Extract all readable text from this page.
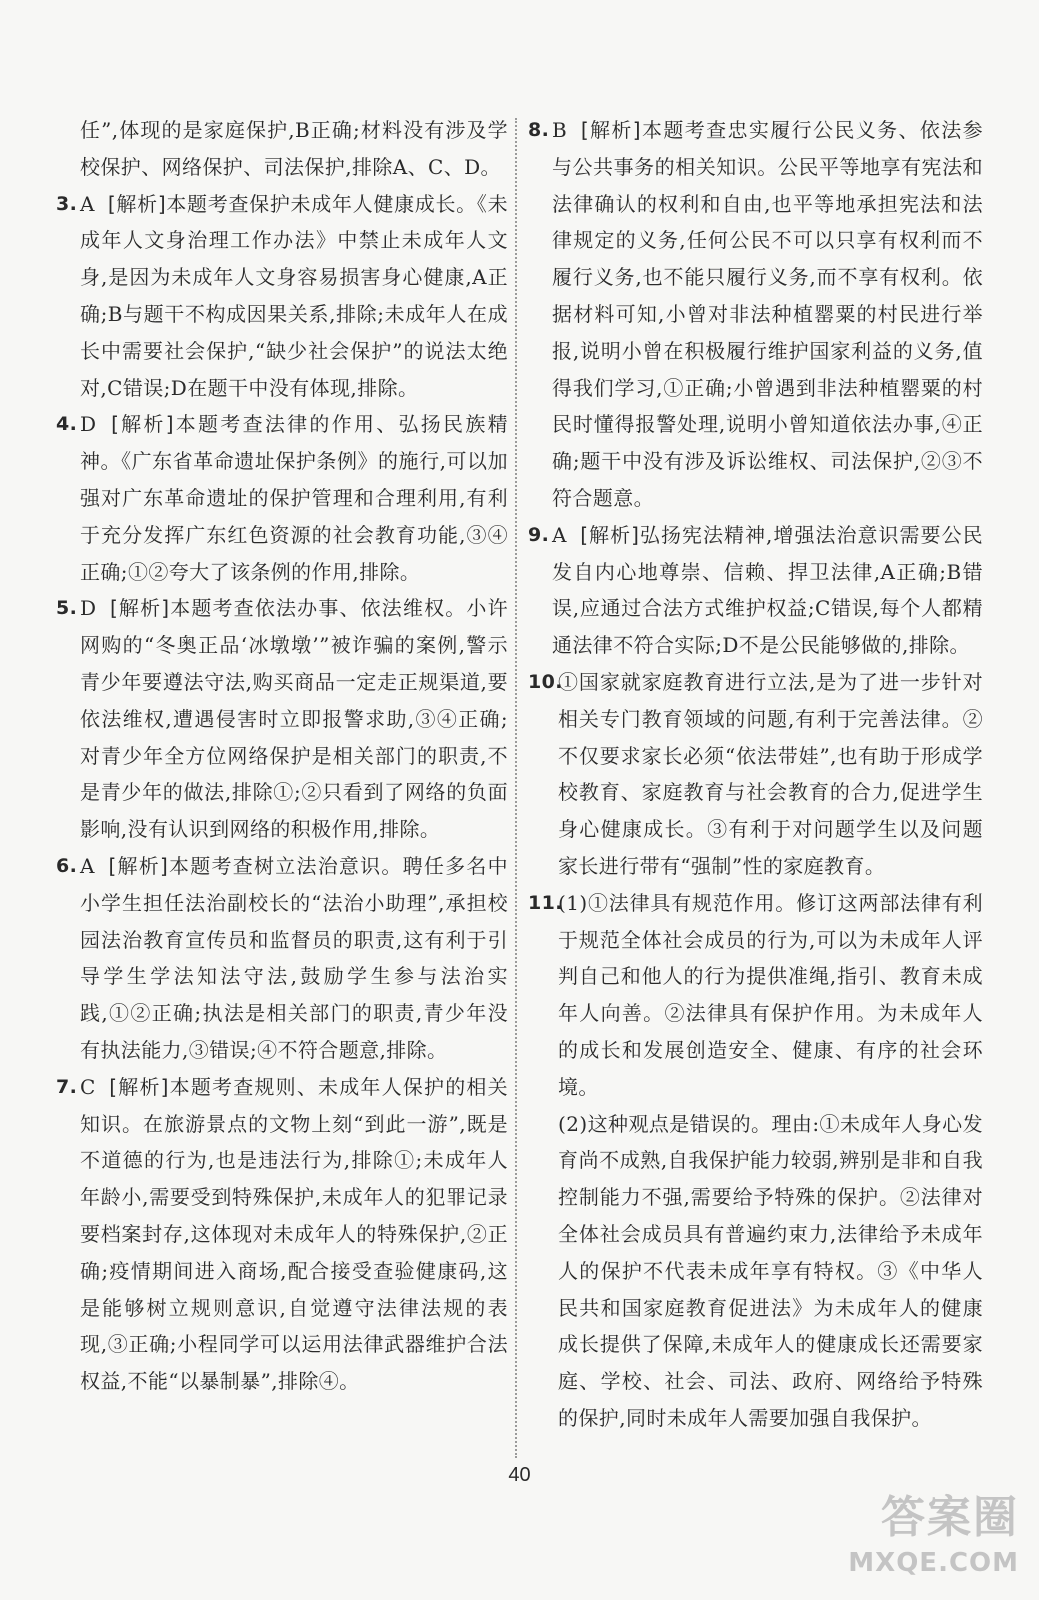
任”,体现的是家庭保护,B正确;材料没有涉及学校保护、网络保护、司法保护,排除A、C、D。
3. A [解析]本题考查保护未成年人健康成长。《未成年人文身治理工作办法》中禁止未成年人文身,是因为未成年人文身容易损害身心健康,A正确;B与题干不构成因果关系,排除;未成年人在成长中需要社会保护,“缺少社会保护”的说法太绝对,C错误;D在题干中没有体现,排除。
4. D [解析]本题考查法律的作用、弘扬民族精神。《广东省革命遗址保护条例》的施行,可以加强对广东革命遗址的保护管理和合理利用,有利于充分发挥广东红色资源的社会教育功能,③④正确;①②夸大了该条例的作用,排除。
5. D [解析]本题考查依法办事、依法维权。小许网购的“冬奥正品‘冰墩墩’”被诈骗的案例,警示青少年要遵法守法,购买商品一定走正规渠道,要依法维权,遭遇侵害时立即报警求助,③④正确;对青少年全方位网络保护是相关部门的职责,不是青少年的做法,排除①;②只看到了网络的负面影响,没有认识到网络的积极作用,排除。
6. A [解析]本题考查树立法治意识。聘任多名中小学生担任法治副校长的“法治小助理”,承担校园法治教育宣传员和监督员的职责,这有利于引导学生学法知法守法,鼓励学生参与法治实践,①②正确;执法是相关部门的职责,青少年没有执法能力,③错误;④不符合题意,排除。
7. C [解析]本题考查规则、未成年人保护的相关知识。在旅游景点的文物上刻“到此一游”,既是不道德的行为,也是违法行为,排除①;未成年人年龄小,需要受到特殊保护,未成年人的犯罪记录要档案封存,这体现对未成年人的特殊保护,②正确;疫情期间进入商场,配合接受查验健康码,这是能够树立规则意识,自觉遵守法律法规的表现,③正确;小程同学可以运用法律武器维护合法权益,不能“以暴制暴”,排除④。
8. B [解析]本题考查忠实履行公民义务、依法参与公共事务的相关知识。公民平等地享有宪法和法律确认的权利和自由,也平等地承担宪法和法律规定的义务,任何公民不可以只享有权利而不履行义务,也不能只履行义务,而不享有权利。依据材料可知,小曾对非法种植罂粟的村民进行举报,说明小曾在积极履行维护国家利益的义务,值得我们学习,①正确;小曾遇到非法种植罂粟的村民时懂得报警处理,说明小曾知道依法办事,④正确;题干中没有涉及诉讼维权、司法保护,②③不符合题意。
9. A [解析]弘扬宪法精神,增强法治意识需要公民发自内心地尊崇、信赖、捍卫法律,A正确;B错误,应通过合法方式维护权益;C错误,每个人都精通法律不符合实际;D不是公民能够做的,排除。
10.
①国家就家庭教育进行立法,是为了进一步针对相关专门教育领域的问题,有利于完善法律。②不仅要求家长必须“依法带娃”,也有助于形成学校教育、家庭教育与社会教育的合力,促进学生身心健康成长。③有利于对问题学生以及问题家长进行带有“强制”性的家庭教育。
11.
(1)①法律具有规范作用。修订这两部法律有利于规范全体社会成员的行为,可以为未成年人评判自己和他人的行为提供准绳,指引、教育未成年人向善。②法律具有保护作用。为未成年人的成长和发展创造安全、健康、有序的社会环境。
(2)这种观点是错误的。理由:①未成年人身心发育尚不成熟,自我保护能力较弱,辨别是非和自我控制能力不强,需要给予特殊的保护。②法律对全体社会成员具有普遍约束力,法律给予未成年人的保护不代表未成年享有特权。③《中华人民共和国家庭教育促进法》为未成年人的健康成长提供了保障,未成年人的健康成长还需要家庭、学校、社会、司法、政府、网络给予特殊的保护,同时未成年人需要加强自我保护。
40
答案圈
MXQE.COM
